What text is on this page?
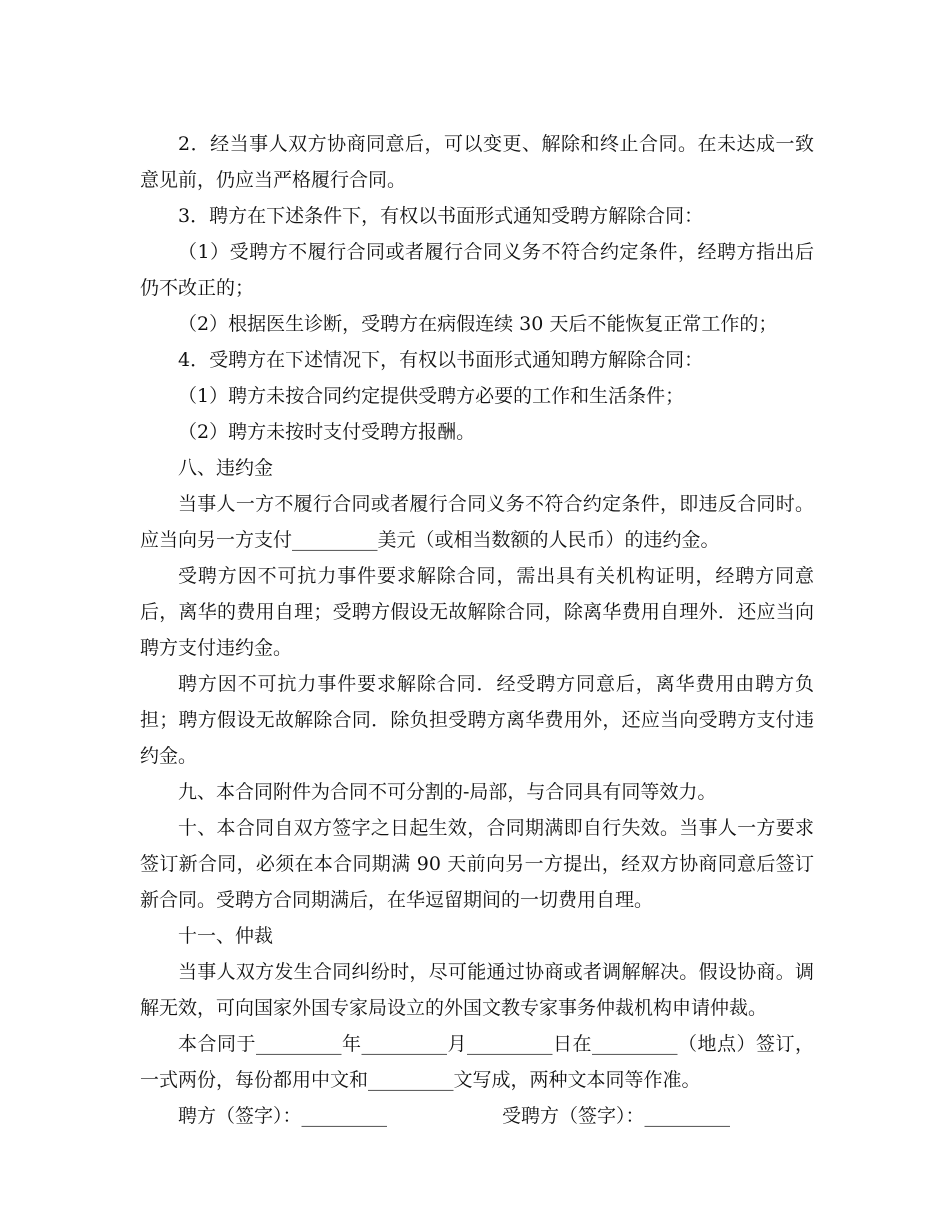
2．经当事人双方协商同意后，可以变更、解除和终止合同。在未达成一致意见前，仍应当严格履行合同。

3．聘方在下述条件下，有权以书面形式通知受聘方解除合同：

（1）受聘方不履行合同或者履行合同义务不符合约定条件，经聘方指出后仍不改正的；

（2）根据医生诊断，受聘方在病假连续 30 天后不能恢复正常工作的；

4．受聘方在下述情况下，有权以书面形式通知聘方解除合同：

（1）聘方未按合同约定提供受聘方必要的工作和生活条件；

（2）聘方未按时支付受聘方报酬。

八、违约金

当事人一方不履行合同或者履行合同义务不符合约定条件，即违反合同时。应当向另一方支付_________美元（或相当数额的人民币）的违约金。

受聘方因不可抗力事件要求解除合同，需出具有关机构证明，经聘方同意后，离华的费用自理；受聘方假设无故解除合同，除离华费用自理外．还应当向聘方支付违约金。

聘方因不可抗力事件要求解除合同．经受聘方同意后，离华费用由聘方负担；聘方假设无故解除合同．除负担受聘方离华费用外，还应当向受聘方支付违约金。

九、本合同附件为合同不可分割的-局部，与合同具有同等效力。

十、本合同自双方签字之日起生效，合同期满即自行失效。当事人一方要求签订新合同，必须在本合同期满 90 天前向另一方提出，经双方协商同意后签订新合同。受聘方合同期满后，在华逗留期间的一切费用自理。

十一、仲裁

当事人双方发生合同纠纷时，尽可能通过协商或者调解解决。假设协商。调解无效，可向国家外国专家局设立的外国文教专家事务仲裁机构申请仲裁。

本合同于_________年_________月_________日在_________（地点）签订，一式两份，每份都用中文和_________文写成，两种文本同等作准。

聘方（签字）：_________	受聘方（签字）：_________
